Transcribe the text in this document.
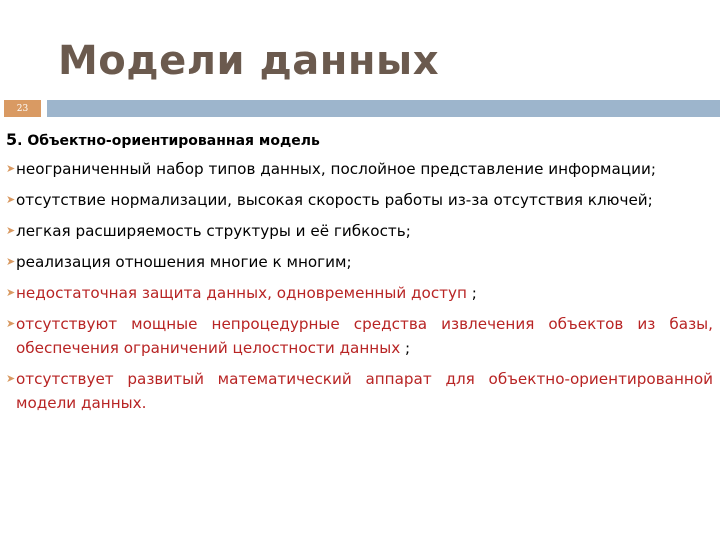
Модели данных
23
5. Объектно-ориентированная модель
➤ неограниченный набор типов данных, послойное представление информации;
➤ отсутствие нормализации, высокая скорость работы из-за отсутствия ключей;
➤ легкая расширяемость структуры и её гибкость;
➤ реализация отношения многие к многим;
➤ недостаточная защита данных, одновременный доступ ;
➤ отсутствуют мощные непроцедурные средства извлечения объектов из базы, обеспечения ограничений целостности данных ;
➤ отсутствует развитый математический аппарат для объектно-ориентированной модели данных.
